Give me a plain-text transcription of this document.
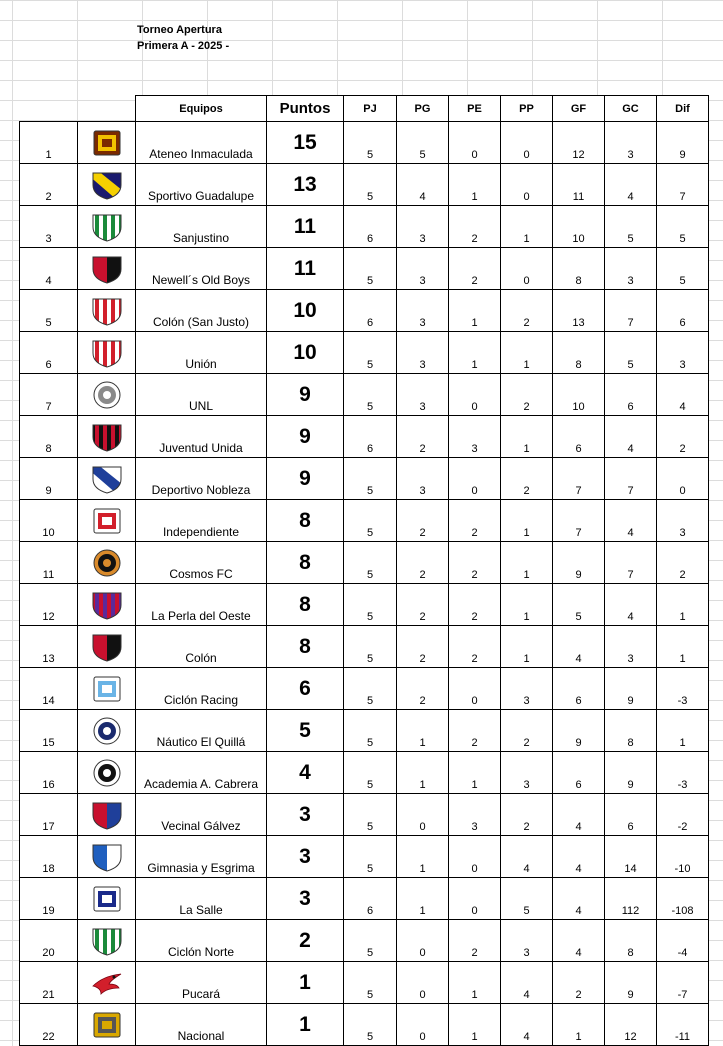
Torneo Apertura
Primera A - 2025 -
		Equipos	Puntos	PJ	PG	PE	PP	GF	GC	Dif
1		Ateneo Inmaculada	15	5	5	0	0	12	3	9
2		Sportivo Guadalupe	13	5	4	1	0	11	4	7
3		Sanjustino	11	6	3	2	1	10	5	5
4		Newell´s Old Boys	11	5	3	2	0	8	3	5
5		Colón (San Justo)	10	6	3	1	2	13	7	6
6		Unión	10	5	3	1	1	8	5	3
7		UNL	9	5	3	0	2	10	6	4
8		Juventud Unida	9	6	2	3	1	6	4	2
9		Deportivo Nobleza	9	5	3	0	2	7	7	0
10		Independiente	8	5	2	2	1	7	4	3
11		Cosmos FC	8	5	2	2	1	9	7	2
12		La Perla del Oeste	8	5	2	2	1	5	4	1
13		Colón	8	5	2	2	1	4	3	1
14		Ciclón Racing	6	5	2	0	3	6	9	-3
15		Náutico El Quillá	5	5	1	2	2	9	8	1
16		Academia A. Cabrera	4	5	1	1	3	6	9	-3
17		Vecinal Gálvez	3	5	0	3	2	4	6	-2
18		Gimnasia y Esgrima	3	5	1	0	4	4	14	-10
19		La Salle	3	6	1	0	5	4	112	-108
20		Ciclón Norte	2	5	0	2	3	4	8	-4
21		Pucará	1	5	0	1	4	2	9	-7
22		Nacional	1	5	0	1	4	1	12	-11
